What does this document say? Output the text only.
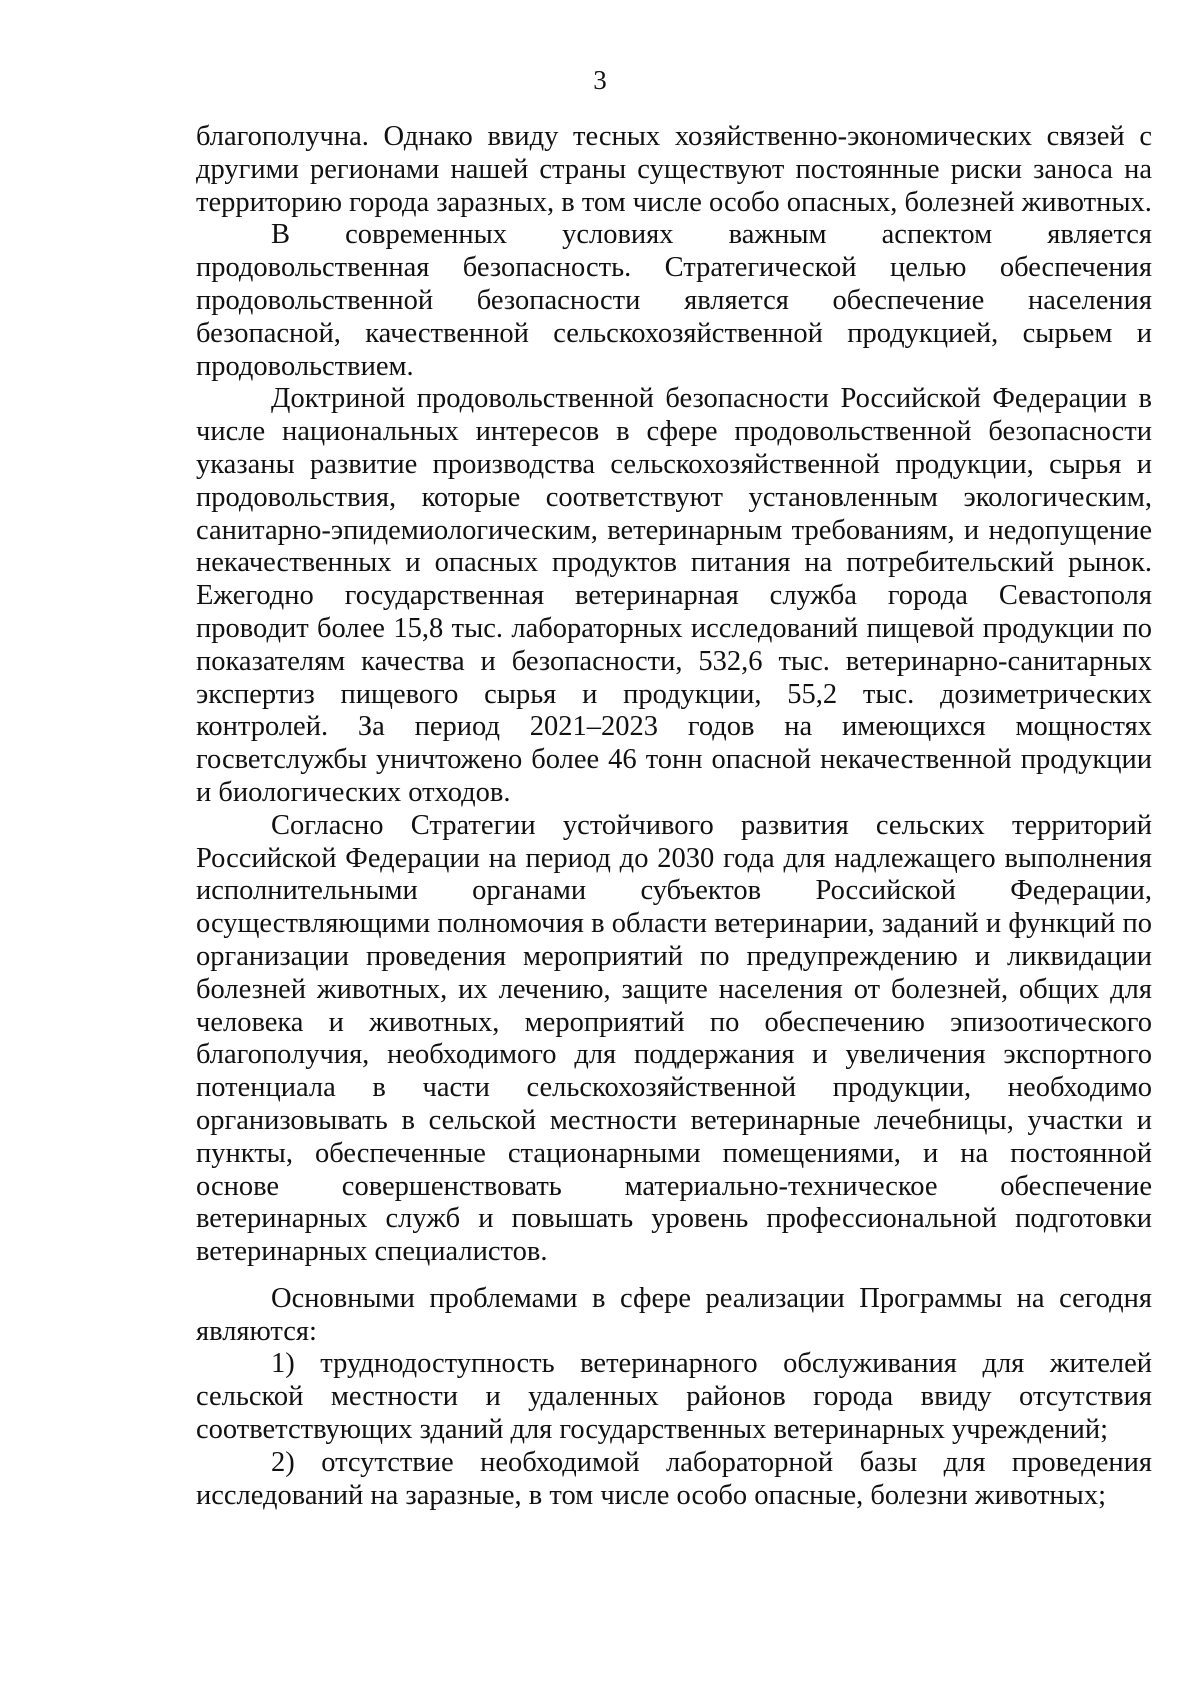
3

благополучна. Однако ввиду тесных хозяйственно-экономических связей с другими регионами нашей страны существуют постоянные риски заноса на территорию города заразных, в том числе особо опасных, болезней животных.

В современных условиях важным аспектом является продовольственная безопасность. Стратегической целью обеспечения продовольственной безопасности является обеспечение населения безопасной, качественной сельскохозяйственной продукцией, сырьем и продовольствием.

Доктриной продовольственной безопасности Российской Федерации в числе национальных интересов в сфере продовольственной безопасности указаны развитие производства сельскохозяйственной продукции, сырья и продовольствия, которые соответствуют установленным экологическим, санитарно-эпидемиологическим, ветеринарным требованиям, и недопущение некачественных и опасных продуктов питания на потребительский рынок. Ежегодно государственная ветеринарная служба города Севастополя проводит более 15,8 тыс. лабораторных исследований пищевой продукции по показателям качества и безопасности, 532,6 тыс. ветеринарно-санитарных экспертиз пищевого сырья и продукции, 55,2 тыс. дозиметрических контролей. За период 2021–2023 годов на имеющихся мощностях госветслужбы уничтожено более 46 тонн опасной некачественной продукции и биологических отходов.

Согласно Стратегии устойчивого развития сельских территорий Российской Федерации на период до 2030 года для надлежащего выполнения исполнительными органами субъектов Российской Федерации, осуществляющими полномочия в области ветеринарии, заданий и функций по организации проведения мероприятий по предупреждению и ликвидации болезней животных, их лечению, защите населения от болезней, общих для человека и животных, мероприятий по обеспечению эпизоотического благополучия, необходимого для поддержания и увеличения экспортного потенциала в части сельскохозяйственной продукции, необходимо организовывать в сельской местности ветеринарные лечебницы, участки и пункты, обеспеченные стационарными помещениями, и на постоянной основе совершенствовать материально-техническое обеспечение ветеринарных служб и повышать уровень профессиональной подготовки ветеринарных специалистов.

Основными проблемами в сфере реализации Программы на сегодня являются:

1) труднодоступность ветеринарного обслуживания для жителей сельской местности и удаленных районов города ввиду отсутствия соответствующих зданий для государственных ветеринарных учреждений;

2) отсутствие необходимой лабораторной базы для проведения исследований на заразные, в том числе особо опасные, болезни животных;
